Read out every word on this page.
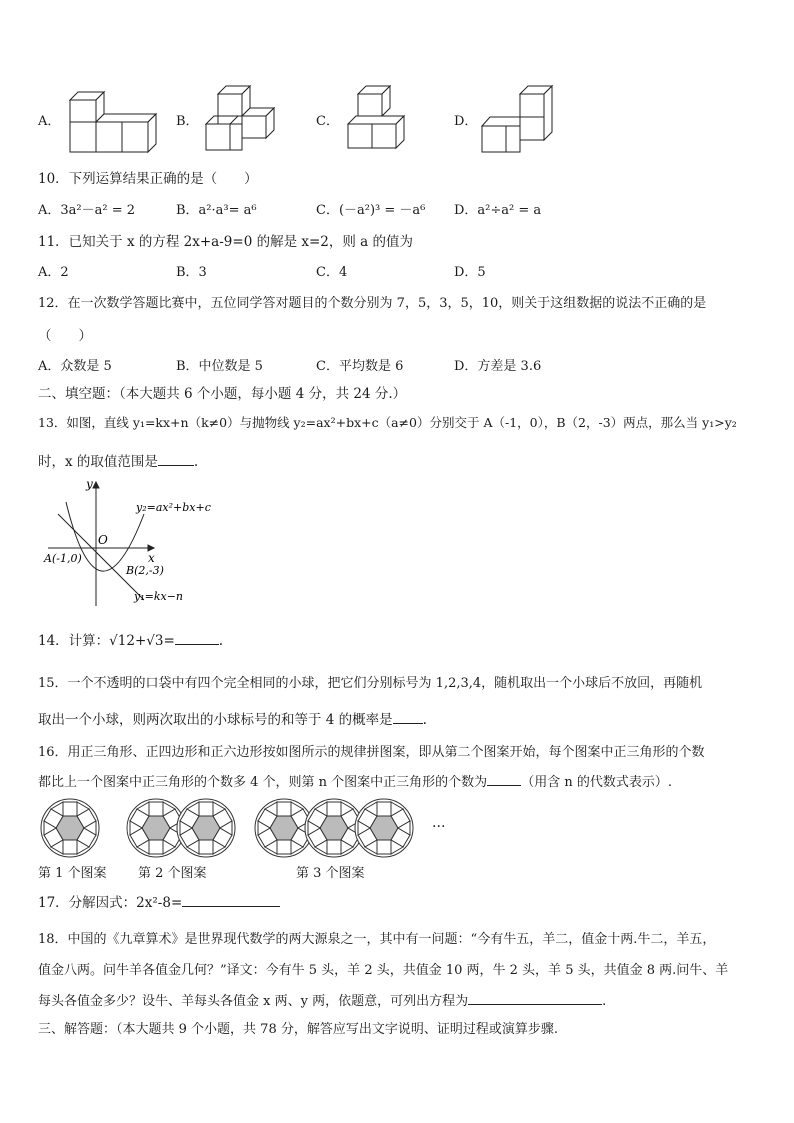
A．	B．	C．	D．
10．下列运算结果正确的是（　　）
A．3a²－a² = 2	B．a²·a³= a⁶	C．(－a²)³ = －a⁶ D．a²÷a² = a
11．已知关于 x 的方程 2x+a-9=0 的解是 x=2，则 a 的值为
A．2	B．3	C．4	D．5
12．在一次数学答题比赛中，五位同学答对题目的个数分别为 7，5，3，5，10，则关于这组数据的说法不正确的是
（　　）
A．众数是 5	B．中位数是 5	C．平均数是 6	D．方差是 3.6
二、填空题：（本大题共 6 个小题，每小题 4 分，共 24 分.）
13．如图，直线 y₁=kx+n（k≠0）与抛物线 y₂=ax²+bx+c（a≠0）分别交于 A（-1，0），B（2，-3）两点，那么当 y₁>y₂
时，x 的取值范围是	.
y
x
O
y₂=ax²+bx+c
y₁=kx−n
A(-1,0)
B(2,-3)
14．计算：√12+√3=	.
15．一个不透明的口袋中有四个完全相同的小球，把它们分别标号为 1,2,3,4，随机取出一个小球后不放回，再随机
取出一个小球，则两次取出的小球标号的和等于 4 的概率是 .
16．用正三角形、正四边形和正六边形按如图所示的规律拼图案，即从第二个图案开始，每个图案中正三角形的个数
都比上一个图案中正三角形的个数多 4 个，则第 n 个图案中正三角形的个数为	（用含 n 的代数式表示）.
…
第 1 个图案 第 2 个图案	第 3 个图案
17．分解因式：2x²-8=
18．中国的《九章算术》是世界现代数学的两大源泉之一，其中有一问题：“今有牛五，羊二，值金十两.牛二，羊五，
值金八两。问牛羊各值金几何？”译文：今有牛 5 头，羊 2 头，共值金 10 两，牛 2 头，羊 5 头，共值金 8 两.问牛、羊
每头各值金多少？设牛、羊每头各值金 x 两、y 两，依题意，可列出方程为	.
三、解答题：（本大题共 9 个小题，共 78 分，解答应写出文字说明、证明过程或演算步骤.
